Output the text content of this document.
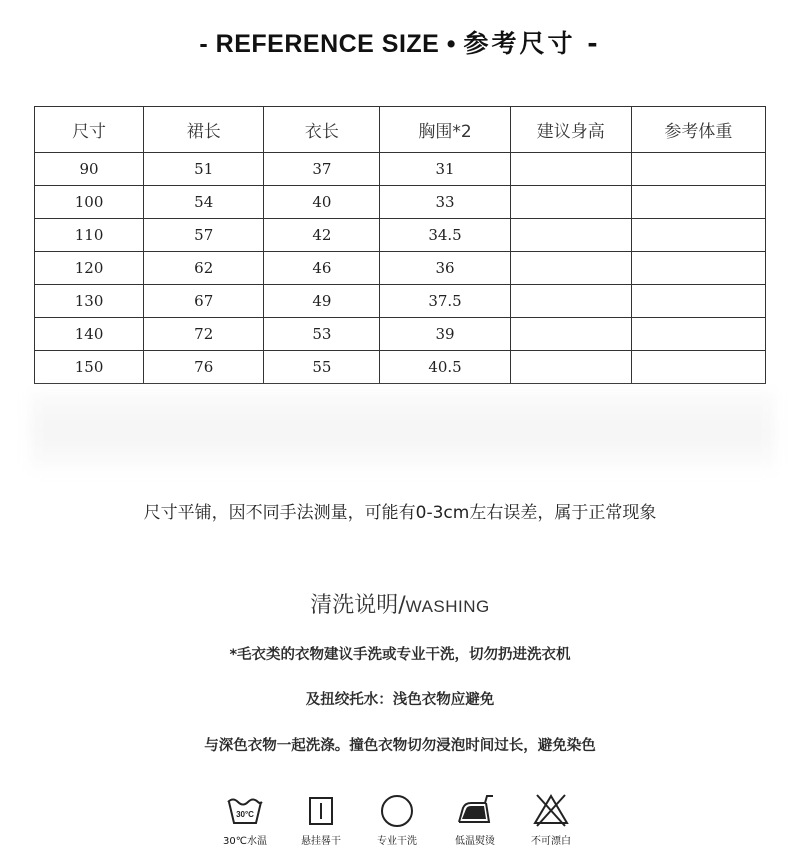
- REFERENCE SIZE • 参考尺寸 -
尺寸	裙长	衣长	胸围*2	建议身高	参考体重
90	51	37	31		
100	54	40	33		
110	57	42	34.5		
120	62	46	36		
130	67	49	37.5		
140	72	53	39		
150	76	55	40.5		
尺寸平铺，因不同手法测量，可能有0-3cm左右误差，属于正常现象
清洗说明/WASHING
*毛衣类的衣物建议手洗或专业干洗，切勿扔进洗衣机
及扭绞托水：浅色衣物应避免
与深色衣物一起洗涤。撞色衣物切勿浸泡时间过长，避免染色
30°C
30℃水温	悬挂晷干	专业干洗	低温熨烫	不可漂白
